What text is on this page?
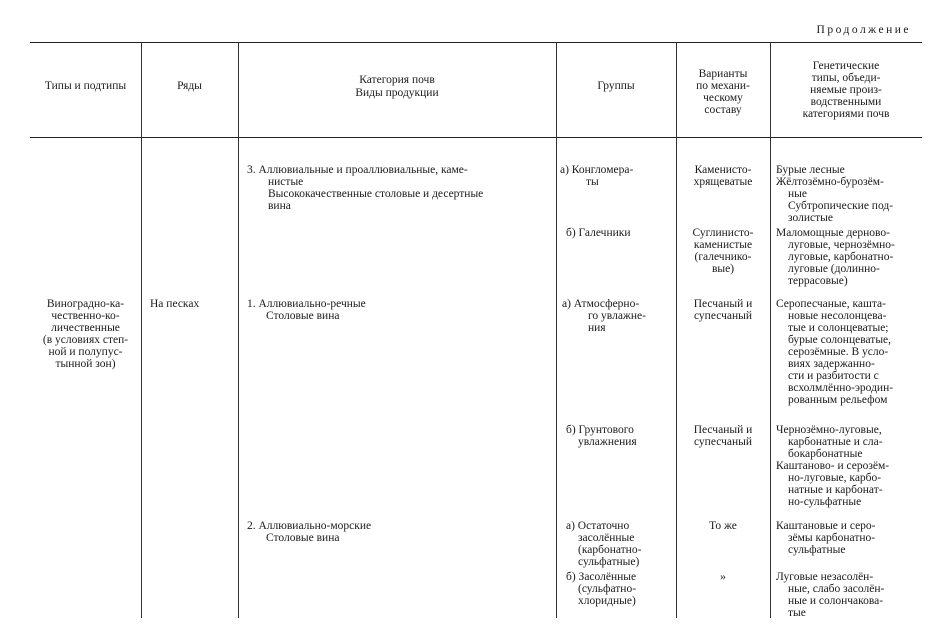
Продолжение
Типы и подтипы	Ряды	Категория почв
Виды продукции
Группы
Варианты
по механи-
ческому
составу
Генетические
типы, объеди-
няемые произ-
водственными
категориями почв
Виноградно-ка-
чественно-ко-
личественные
(в условиях степ-
ной и полупус-
тынной зон)
На песках
3. Аллювиальные и проаллювиальные, каме-
нистые
Высококачественные столовые и десертные
вина
1. Аллювиально-речные
Столовые вина
2. Аллювиально-морские
Столовые вина
а) Конгломера-
ты
б) Галечники
а) Атмосферно-
го увлажне-
ния
б) Грунтового
увлажнения
а) Остаточно
засолённые
(карбонатно-
сульфатные)
б) Засолённые
(сульфатно-
хлоридные)
Каменисто-
хрящеватые
Суглинисто-
каменистые
(галечнико-
вые)
Песчаный и
супесчаный
Песчаный и
супесчаный
То же
»
Бурые лесные
Жёлтозёмно-бурозём-
ные
Субтропические под-
золистые
Маломощные дерново-
луговые, чернозёмно-
луговые, карбонатно-
луговые (долинно-
террасовые)
Серопесчаные, кашта-
новые несолонцева-
тые и солонцеватые;
бурые солонцеватые,
серозёмные. В усло-
виях задержанно-
сти и разбитости с
всхолмлённо-эродин-
рованным рельефом
Чернозёмно-луговые,
карбонатные и сла-
бокарбонатные
Каштаново- и серозём-
но-луговые, карбо-
натные и карбонат-
но-сульфатные
Каштановые и серо-
зёмы карбонатно-
сульфатные
Луговые незасолён-
ные, слабо засолён-
ные и солончакова-
тые
